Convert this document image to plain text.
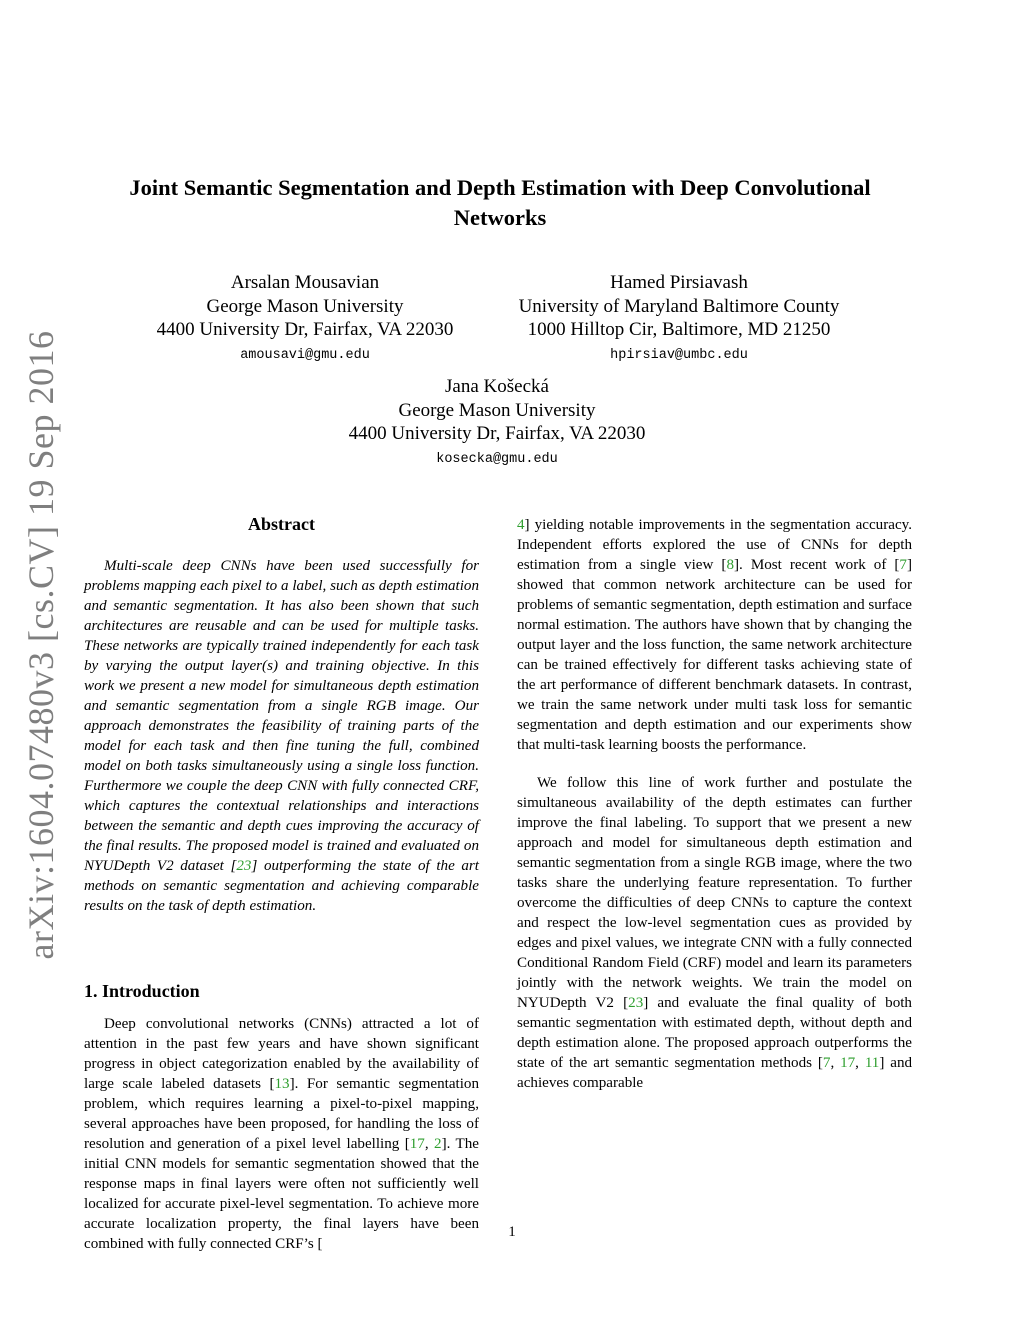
arXiv:1604.07480v3 [cs.CV] 19 Sep 2016
Joint Semantic Segmentation and Depth Estimation with Deep Convolutional Networks
Arsalan Mousavian
George Mason University
4400 University Dr, Fairfax, VA 22030
amousavi@gmu.edu
Hamed Pirsiavash
University of Maryland Baltimore County
1000 Hilltop Cir, Baltimore, MD 21250
hpirsiav@umbc.edu
Jana Košecká
George Mason University
4400 University Dr, Fairfax, VA 22030
kosecka@gmu.edu
Abstract

Multi-scale deep CNNs have been used successfully for problems mapping each pixel to a label, such as depth estimation and semantic segmentation. It has also been shown that such architectures are reusable and can be used for multiple tasks. These networks are typically trained independently for each task by varying the output layer(s) and training objective. In this work we present a new model for simultaneous depth estimation and semantic segmentation from a single RGB image. Our approach demonstrates the feasibility of training parts of the model for each task and then fine tuning the full, combined model on both tasks simultaneously using a single loss function. Furthermore we couple the deep CNN with fully connected CRF, which captures the contextual relationships and interactions between the semantic and depth cues improving the accuracy of the final results. The proposed model is trained and evaluated on NYUDepth V2 dataset [23] outperforming the state of the art methods on semantic segmentation and achieving comparable results on the task of depth estimation.

1. Introduction

Deep convolutional networks (CNNs) attracted a lot of attention in the past few years and have shown significant progress in object categorization enabled by the availability of large scale labeled datasets [13]. For semantic segmentation problem, which requires learning a pixel-to-pixel mapping, several approaches have been proposed, for handling the loss of resolution and generation of a pixel level labelling [17, 2]. The initial CNN models for semantic segmentation showed that the response maps in final layers were often not sufficiently well localized for accurate pixel-level segmentation. To achieve more accurate localization property, the final layers have been combined with fully connected CRF’s [

4] yielding notable improvements in the segmentation accuracy. Independent efforts explored the use of CNNs for depth estimation from a single view [8]. Most recent work of [7] showed that common network architecture can be used for problems of semantic segmentation, depth estimation and surface normal estimation. The authors have shown that by changing the output layer and the loss function, the same network architecture can be trained effectively for different tasks achieving state of the art performance of different benchmark datasets. In contrast, we train the same network under multi task loss for semantic segmentation and depth estimation and our experiments show that multi-task learning boosts the performance.

We follow this line of work further and postulate the simultaneous availability of the depth estimates can further improve the final labeling. To support that we present a new approach and model for simultaneous depth estimation and semantic segmentation from a single RGB image, where the two tasks share the underlying feature representation. To further overcome the difficulties of deep CNNs to capture the context and respect the low-level segmentation cues as provided by edges and pixel values, we integrate CNN with a fully connected Conditional Random Field (CRF) model and learn its parameters jointly with the network weights. We train the model on NYUDepth V2 [23] and evaluate the final quality of both semantic segmentation with estimated depth, without depth and depth estimation alone. The proposed approach outperforms the state of the art semantic segmentation methods [7, 17, 11] and achieves comparable

1
